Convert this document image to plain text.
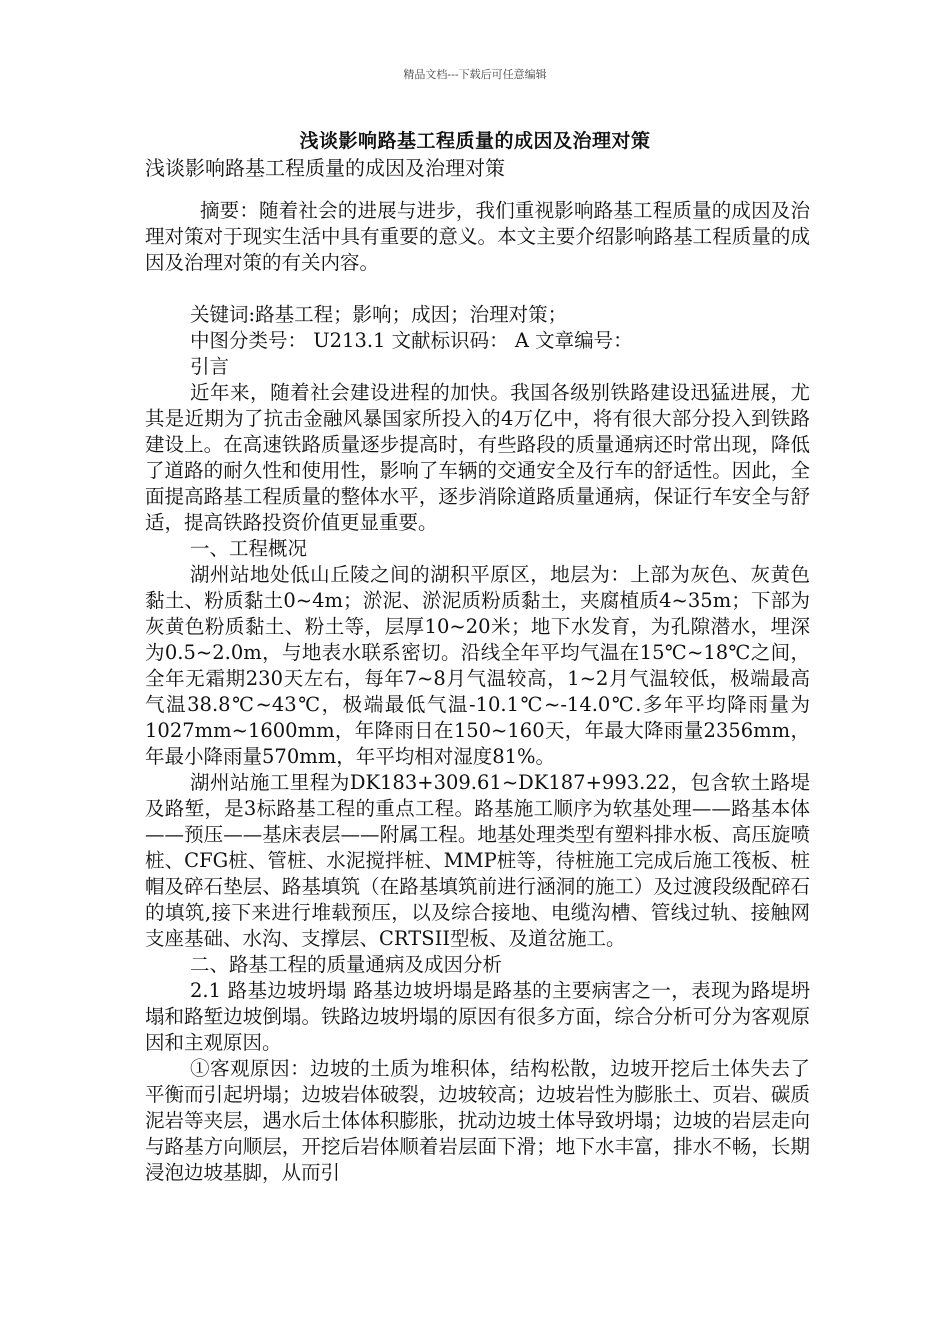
精品文档---下载后可任意编辑
浅谈影响路基工程质量的成因及治理对策
浅谈影响路基工程质量的成因及治理对策

摘要：随着社会的进展与进步，我们重视影响路基工程质量的成因及治理对策对于现实生活中具有重要的意义。本文主要介绍影响路基工程质量的成因及治理对策的有关内容。

关键词:路基工程；影响；成因；治理对策；

中图分类号： U213.1 文献标识码： A 文章编号：

引言

近年来，随着社会建设进程的加快。我国各级别铁路建设迅猛进展，尤其是近期为了抗击金融风暴国家所投入的4万亿中，将有很大部分投入到铁路建设上。在高速铁路质量逐步提高时，有些路段的质量通病还时常出现，降低了道路的耐久性和使用性，影响了车辆的交通安全及行车的舒适性。因此，全面提高路基工程质量的整体水平，逐步消除道路质量通病，保证行车安全与舒适，提高铁路投资价值更显重要。

一、工程概况

湖州站地处低山丘陵之间的湖积平原区，地层为：上部为灰色、灰黄色黏土、粉质黏土0~4m；淤泥、淤泥质粉质黏土，夹腐植质4~35m；下部为灰黄色粉质黏土、粉土等，层厚10~20米；地下水发育，为孔隙潜水，埋深为0.5~2.0m，与地表水联系密切。沿线全年平均气温在15℃~18℃之间，全年无霜期230天左右，每年7~8月气温较高，1~2月气温较低，极端最高气温38.8℃~43℃，极端最低气温-10.1℃~-14.0℃.多年平均降雨量为1027mm~1600mm，年降雨日在150~160天，年最大降雨量2356mm，年最小降雨量570mm，年平均相对湿度81%。

湖州站施工里程为DK183+309.61~DK187+993.22，包含软土路堤及路堑，是3标路基工程的重点工程。路基施工顺序为软基处理——路基本体——预压——基床表层——附属工程。地基处理类型有塑料排水板、高压旋喷桩、CFG桩、管桩、水泥搅拌桩、MMP桩等，待桩施工完成后施工筏板、桩帽及碎石垫层、路基填筑（在路基填筑前进行涵洞的施工）及过渡段级配碎石的填筑,接下来进行堆载预压，以及综合接地、电缆沟槽、管线过轨、接触网支座基础、水沟、支撑层、CRTSII型板、及道岔施工。

二、路基工程的质量通病及成因分析

2.1 路基边坡坍塌 路基边坡坍塌是路基的主要病害之一，表现为路堤坍塌和路堑边坡倒塌。铁路边坡坍塌的原因有很多方面，综合分析可分为客观原因和主观原因。

①客观原因：边坡的土质为堆积体，结构松散，边坡开挖后土体失去了平衡而引起坍塌；边坡岩体破裂，边坡较高；边坡岩性为膨胀土、页岩、碳质泥岩等夹层，遇水后土体体积膨胀，扰动边坡土体导致坍塌；边坡的岩层走向与路基方向顺层，开挖后岩体顺着岩层面下滑；地下水丰富，排水不畅，长期浸泡边坡基脚，从而引
